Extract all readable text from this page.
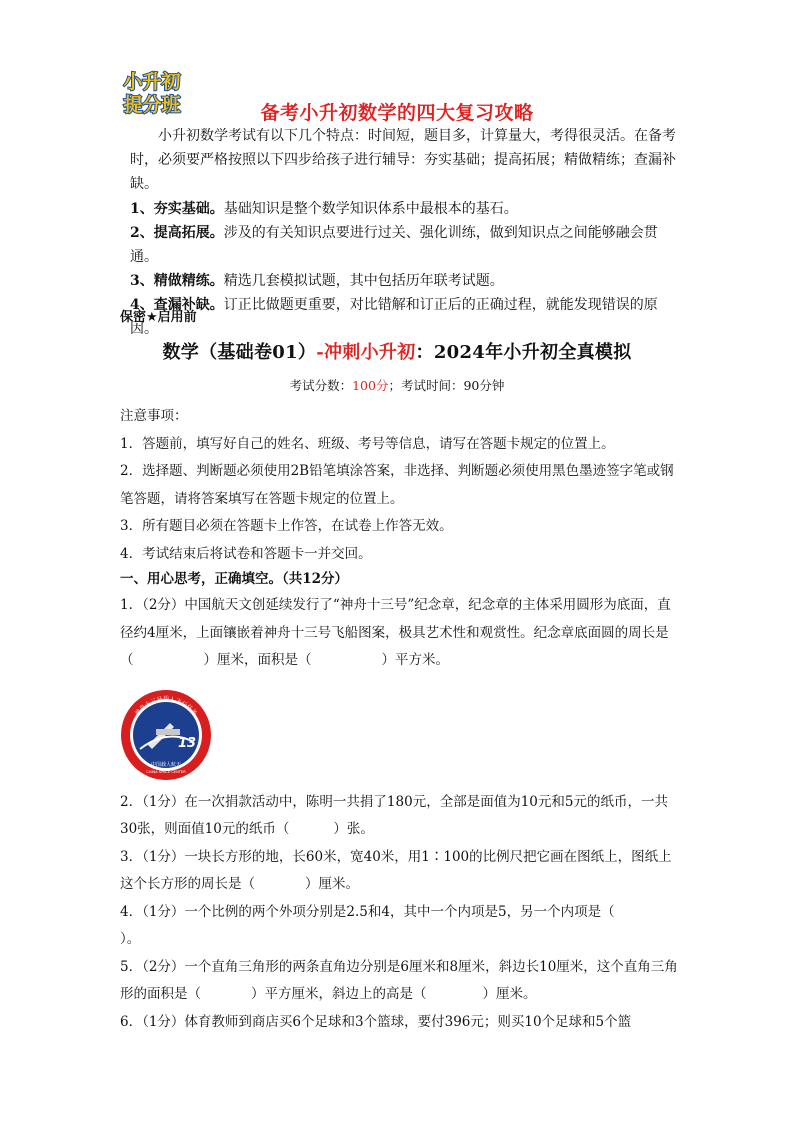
小升初
提分班	备考小升初数学的四大复习攻略
小升初数学考试有以下几个特点：时间短，题目多，计算量大，考得很灵活。在备考时，必须要严格按照以下四步给孩子进行辅导：夯实基础；提高拓展；精做精练；查漏补缺。
1、夯实基础。基础知识是整个数学知识体系中最根本的基石。
2、提高拓展。涉及的有关知识点要进行过关、强化训练，做到知识点之间能够融会贯通。
3、精做精练。精选几套模拟试题，其中包括历年联考试题。
4、查漏补缺。订正比做题更重要，对比错解和订正后的正确过程，就能发现错误的原因。
保密★启用前
数学（基础卷01）-冲刺小升初：2024年小升初全真模拟
考试分数：100分；考试时间：90分钟
注意事项：
1．答题前，填写好自己的姓名、班级、考号等信息，请写在答题卡规定的位置上。
2．选择题、判断题必须使用2B铅笔填涂答案，非选择、判断题必须使用黑色墨迹签字笔或钢笔答题，请将答案填写在答题卡规定的位置上。
3．所有题目必须在答题卡上作答，在试卷上作答无效。
4．考试结束后将试卷和答题卡一并交回。
一、用心思考，正确填空。（共12分）

1．（2分）中国航天文创延续发行了“神舟十三号”纪念章，纪念章的主体采用圆形为底面，直径约4厘米，上面镶嵌着神舟十三号飞船图案，极具艺术性和观赏性。纪念章底面圆的周长是（	）厘米，面积是（	）平方米。

13
神舟十三号载人飞行任务
中国载人航天
CHINA SPACE CENTER

2．（1分）在一次捐款活动中，陈明一共捐了180元，全部是面值为10元和5元的纸币，一共30张，则面值10元的纸币（	）张。

3．（1分）一块长方形的地，长60米，宽40米，用1∶100的比例尺把它画在图纸上，图纸上这个长方形的周长是（	）厘米。

4．（1分）一个比例的两个外项分别是2.5和4，其中一个内项是5，另一个内项是（）。

5．（2分）一个直角三角形的两条直角边分别是6厘米和8厘米，斜边长10厘米，这个直角三角形的面积是（	）平方厘米，斜边上的高是（	）厘米。

6．（1分）体育教师到商店买6个足球和3个篮球，要付396元；则买10个足球和5个篮
